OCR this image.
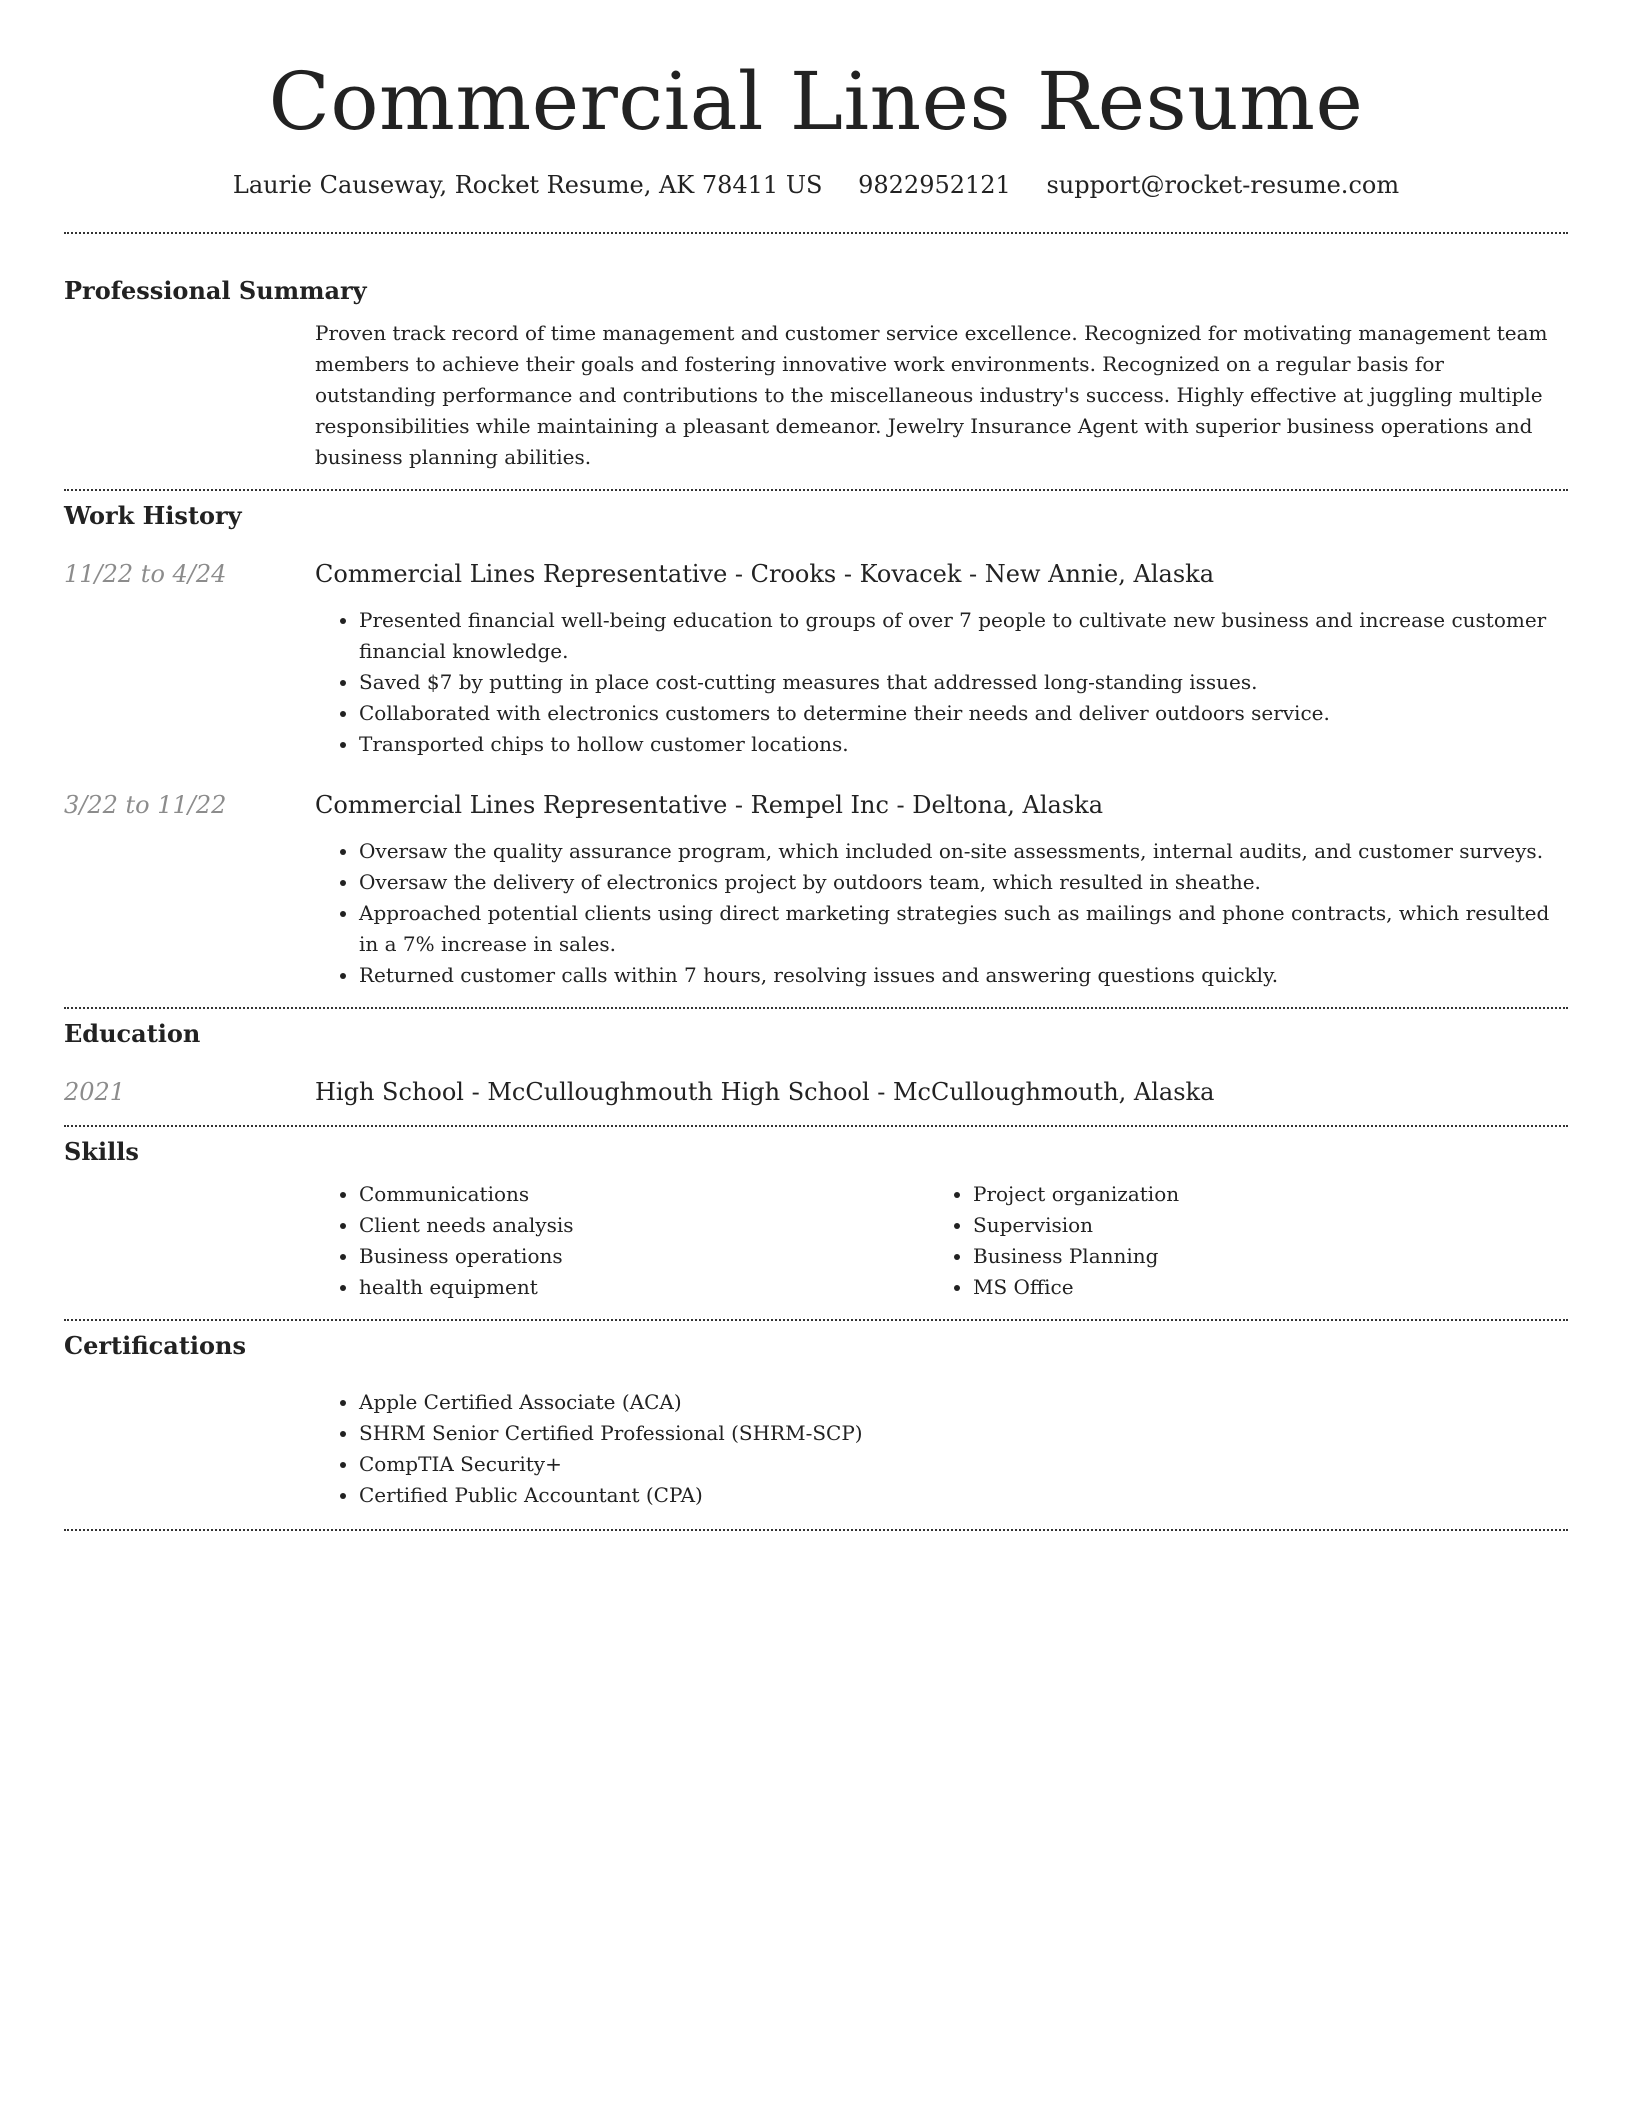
Commercial Lines Resume
Laurie Causeway, Rocket Resume, AK 78411 US 9822952121 support@rocket-resume.com
Professional Summary
Proven track record of time management and customer service excellence. Recognized for motivating management team members to achieve their goals and fostering innovative work environments. Recognized on a regular basis for outstanding performance and contributions to the miscellaneous industry's success. Highly effective at juggling multiple responsibilities while maintaining a pleasant demeanor. Jewelry Insurance Agent with superior business operations and business planning abilities.
Work History
11/22 to 4/24	Commercial Lines Representative - Crooks - Kovacek - New Annie, Alaska
• Presented financial well-being education to groups of over 7 people to cultivate new business and increase customer financial knowledge.
• Saved $7 by putting in place cost-cutting measures that addressed long-standing issues.
• Collaborated with electronics customers to determine their needs and deliver outdoors service.
• Transported chips to hollow customer locations.
3/22 to 11/22	Commercial Lines Representative - Rempel Inc - Deltona, Alaska
• Oversaw the quality assurance program, which included on-site assessments, internal audits, and customer surveys.
• Oversaw the delivery of electronics project by outdoors team, which resulted in sheathe.
• Approached potential clients using direct marketing strategies such as mailings and phone contracts, which resulted in a 7% increase in sales.
• Returned customer calls within 7 hours, resolving issues and answering questions quickly.
Education
2021	High School - McCulloughmouth High School - McCulloughmouth, Alaska
Skills
• Communications
• Client needs analysis
• Business operations
• health equipment
• Project organization
• Supervision
• Business Planning
• MS Office
Certifications
• Apple Certified Associate (ACA)
• SHRM Senior Certified Professional (SHRM-SCP)
• CompTIA Security+
• Certified Public Accountant (CPA)
